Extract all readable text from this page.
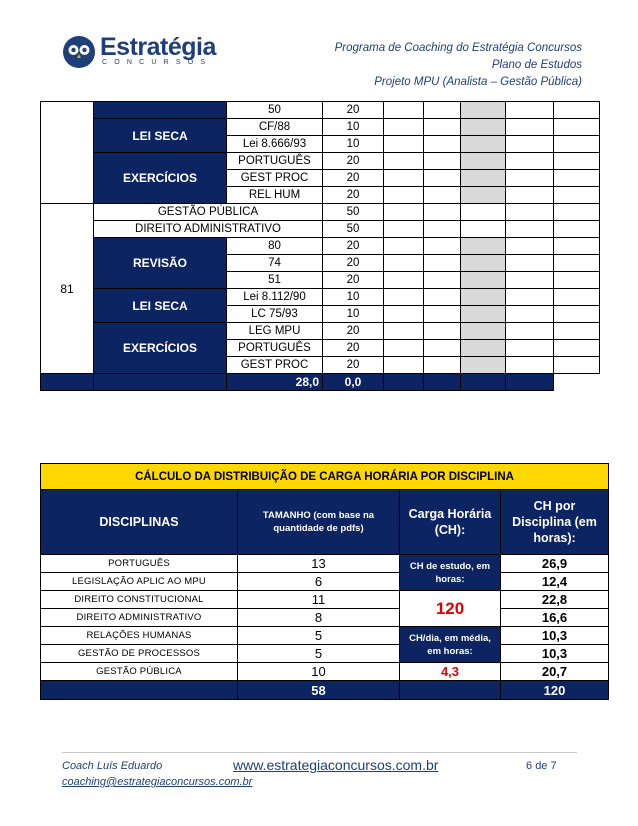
Estratégia
CONCURSOS
Programa de Coaching do Estratégia Concursos
Plano de Estudos
Projeto MPU (Analista – Gestão Pública)
		50	20					
	LEI SECA	CF/88	10					
		Lei 8.666/93	10					
	EXERCÍCIOS	PORTUGUÊS	20					
		GEST PROC	20					
		REL HUM	20					
81	GESTÃO PÚBLICA		50					
	DIREITO ADMINISTRATIVO		50					
	REVISÃO	80	20					
		74	20					
		51	20					
	LEI SECA	Lei 8.112/90	10					
		LC 75/93	10					
	EXERCÍCIOS	LEG MPU	20					
		PORTUGUÊS	20					
		GEST PROC	20					
		28,0	0,0					
CÁLCULO DA DISTRIBUIÇÃO DE CARGA HORÁRIA POR DISCIPLINA			
DISCIPLINAS	TAMANHO (com base na quantidade de pdfs)	Carga Horária (CH):	CH por Disciplina (em horas):
PORTUGUÊS	13	CH de estudo, em horas:	26,9
LEGISLAÇÃO APLIC AO MPU	6		12,4
DIREITO CONSTITUCIONAL	11	120	22,8
DIREITO ADMINISTRATIVO	8		16,6
RELAÇÕES HUMANAS	5	CH/dia, em média, em horas:	10,3
GESTÃO DE PROCESSOS	5		10,3
GESTÃO PÚBLICA	10	4,3	20,7
	58		120
Coach Luís Eduardo	www.estrategiaconcursos.com.br	6 de 7
coaching@estrategiaconcursos.com.br
